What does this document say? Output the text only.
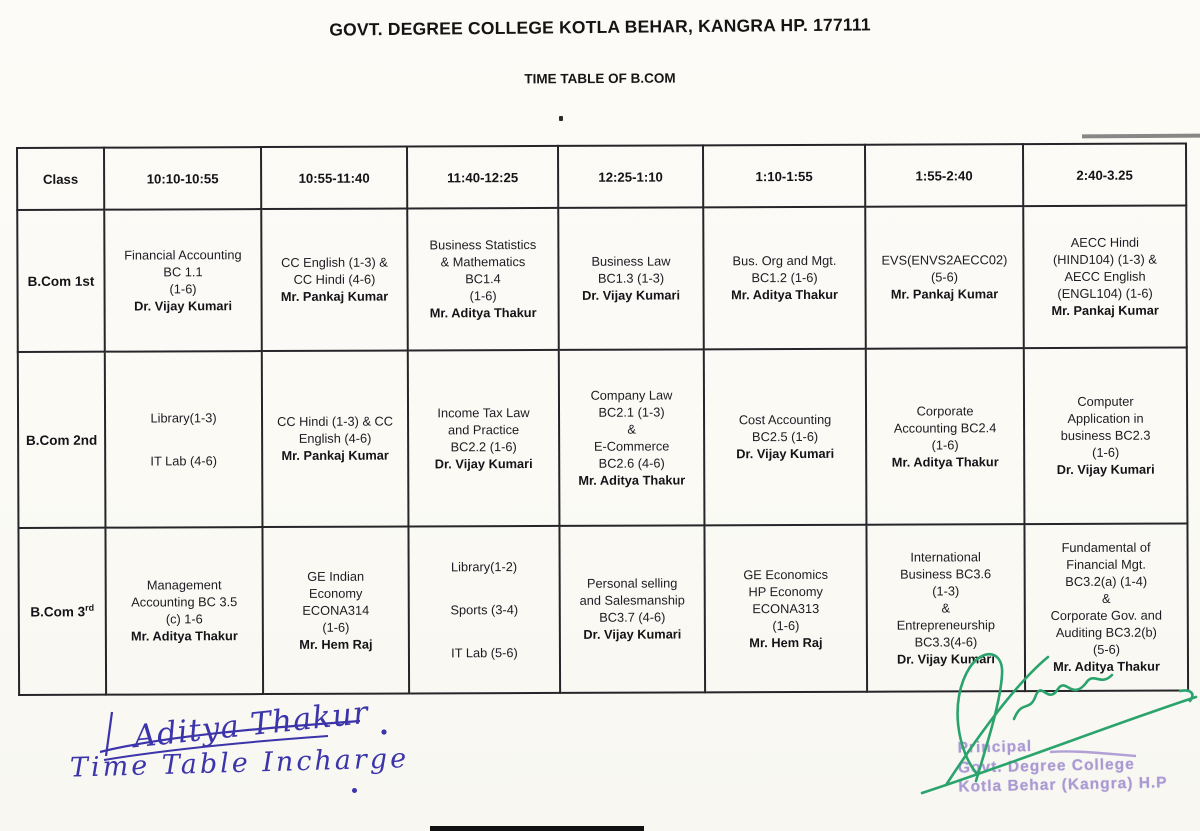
GOVT. DEGREE COLLEGE KOTLA BEHAR, KANGRA HP. 177111
TIME TABLE OF B.COM
Class	10:10-10:55	10:55-11:40	11:40-12:25	12:25-1:10	1:10-1:55	1:55-2:40	2:40-3.25
B.Com 1st	
Financial Accounting
BC 1.1
(1-6)
Dr. Vijay Kumari

CC English (1-3) &
CC Hindi (4-6)
Mr. Pankaj Kumar

Business Statistics
& Mathematics
BC1.4
(1-6)
Mr. Aditya Thakur

Business Law
BC1.3 (1-3)
Dr. Vijay Kumari

Bus. Org and Mgt.
BC1.2 (1-6)
Mr. Aditya Thakur

EVS(ENVS2AECC02)
(5-6)
Mr. Pankaj Kumar

AECC Hindi
(HIND104) (1-3) &
AECC English
(ENGL104) (1-6)
Mr. Pankaj Kumar

B.Com 2nd	
Library(1-3)
IT Lab (4-6)

CC Hindi (1-3) & CC
English (4-6)
Mr. Pankaj Kumar

Income Tax Law
and Practice
BC2.2 (1-6)
Dr. Vijay Kumari

Company Law
BC2.1 (1-3)
&
E-Commerce
BC2.6 (4-6)
Mr. Aditya Thakur

Cost Accounting
BC2.5 (1-6)
Dr. Vijay Kumari

Corporate
Accounting BC2.4
(1-6)
Mr. Aditya Thakur

Computer
Application in
business BC2.3
(1-6)
Dr. Vijay Kumari

B.Com 3rd	
Management
Accounting BC 3.5
(c) 1-6
Mr. Aditya Thakur

GE Indian
Economy
ECONA314
(1-6)
Mr. Hem Raj

Library(1-2)
Sports (3-4)
IT Lab (5-6)

Personal selling
and Salesmanship
BC3.7 (4-6)
Dr. Vijay Kumari

GE Economics
HP Economy
ECONA313
(1-6)
Mr. Hem Raj

International
Business BC3.6
(1-3)
&
Entrepreneurship
BC3.3(4-6)
Dr. Vijay Kumari

Fundamental of
Financial Mgt.
BC3.2(a) (1-4)
&
Corporate Gov. and
Auditing BC3.2(b)
(5-6)
Mr. Aditya Thakur
Aditya Thakur
Time Table Incharge	Principal
Govt. Degree College
Kotla Behar (Kangra) H.P
